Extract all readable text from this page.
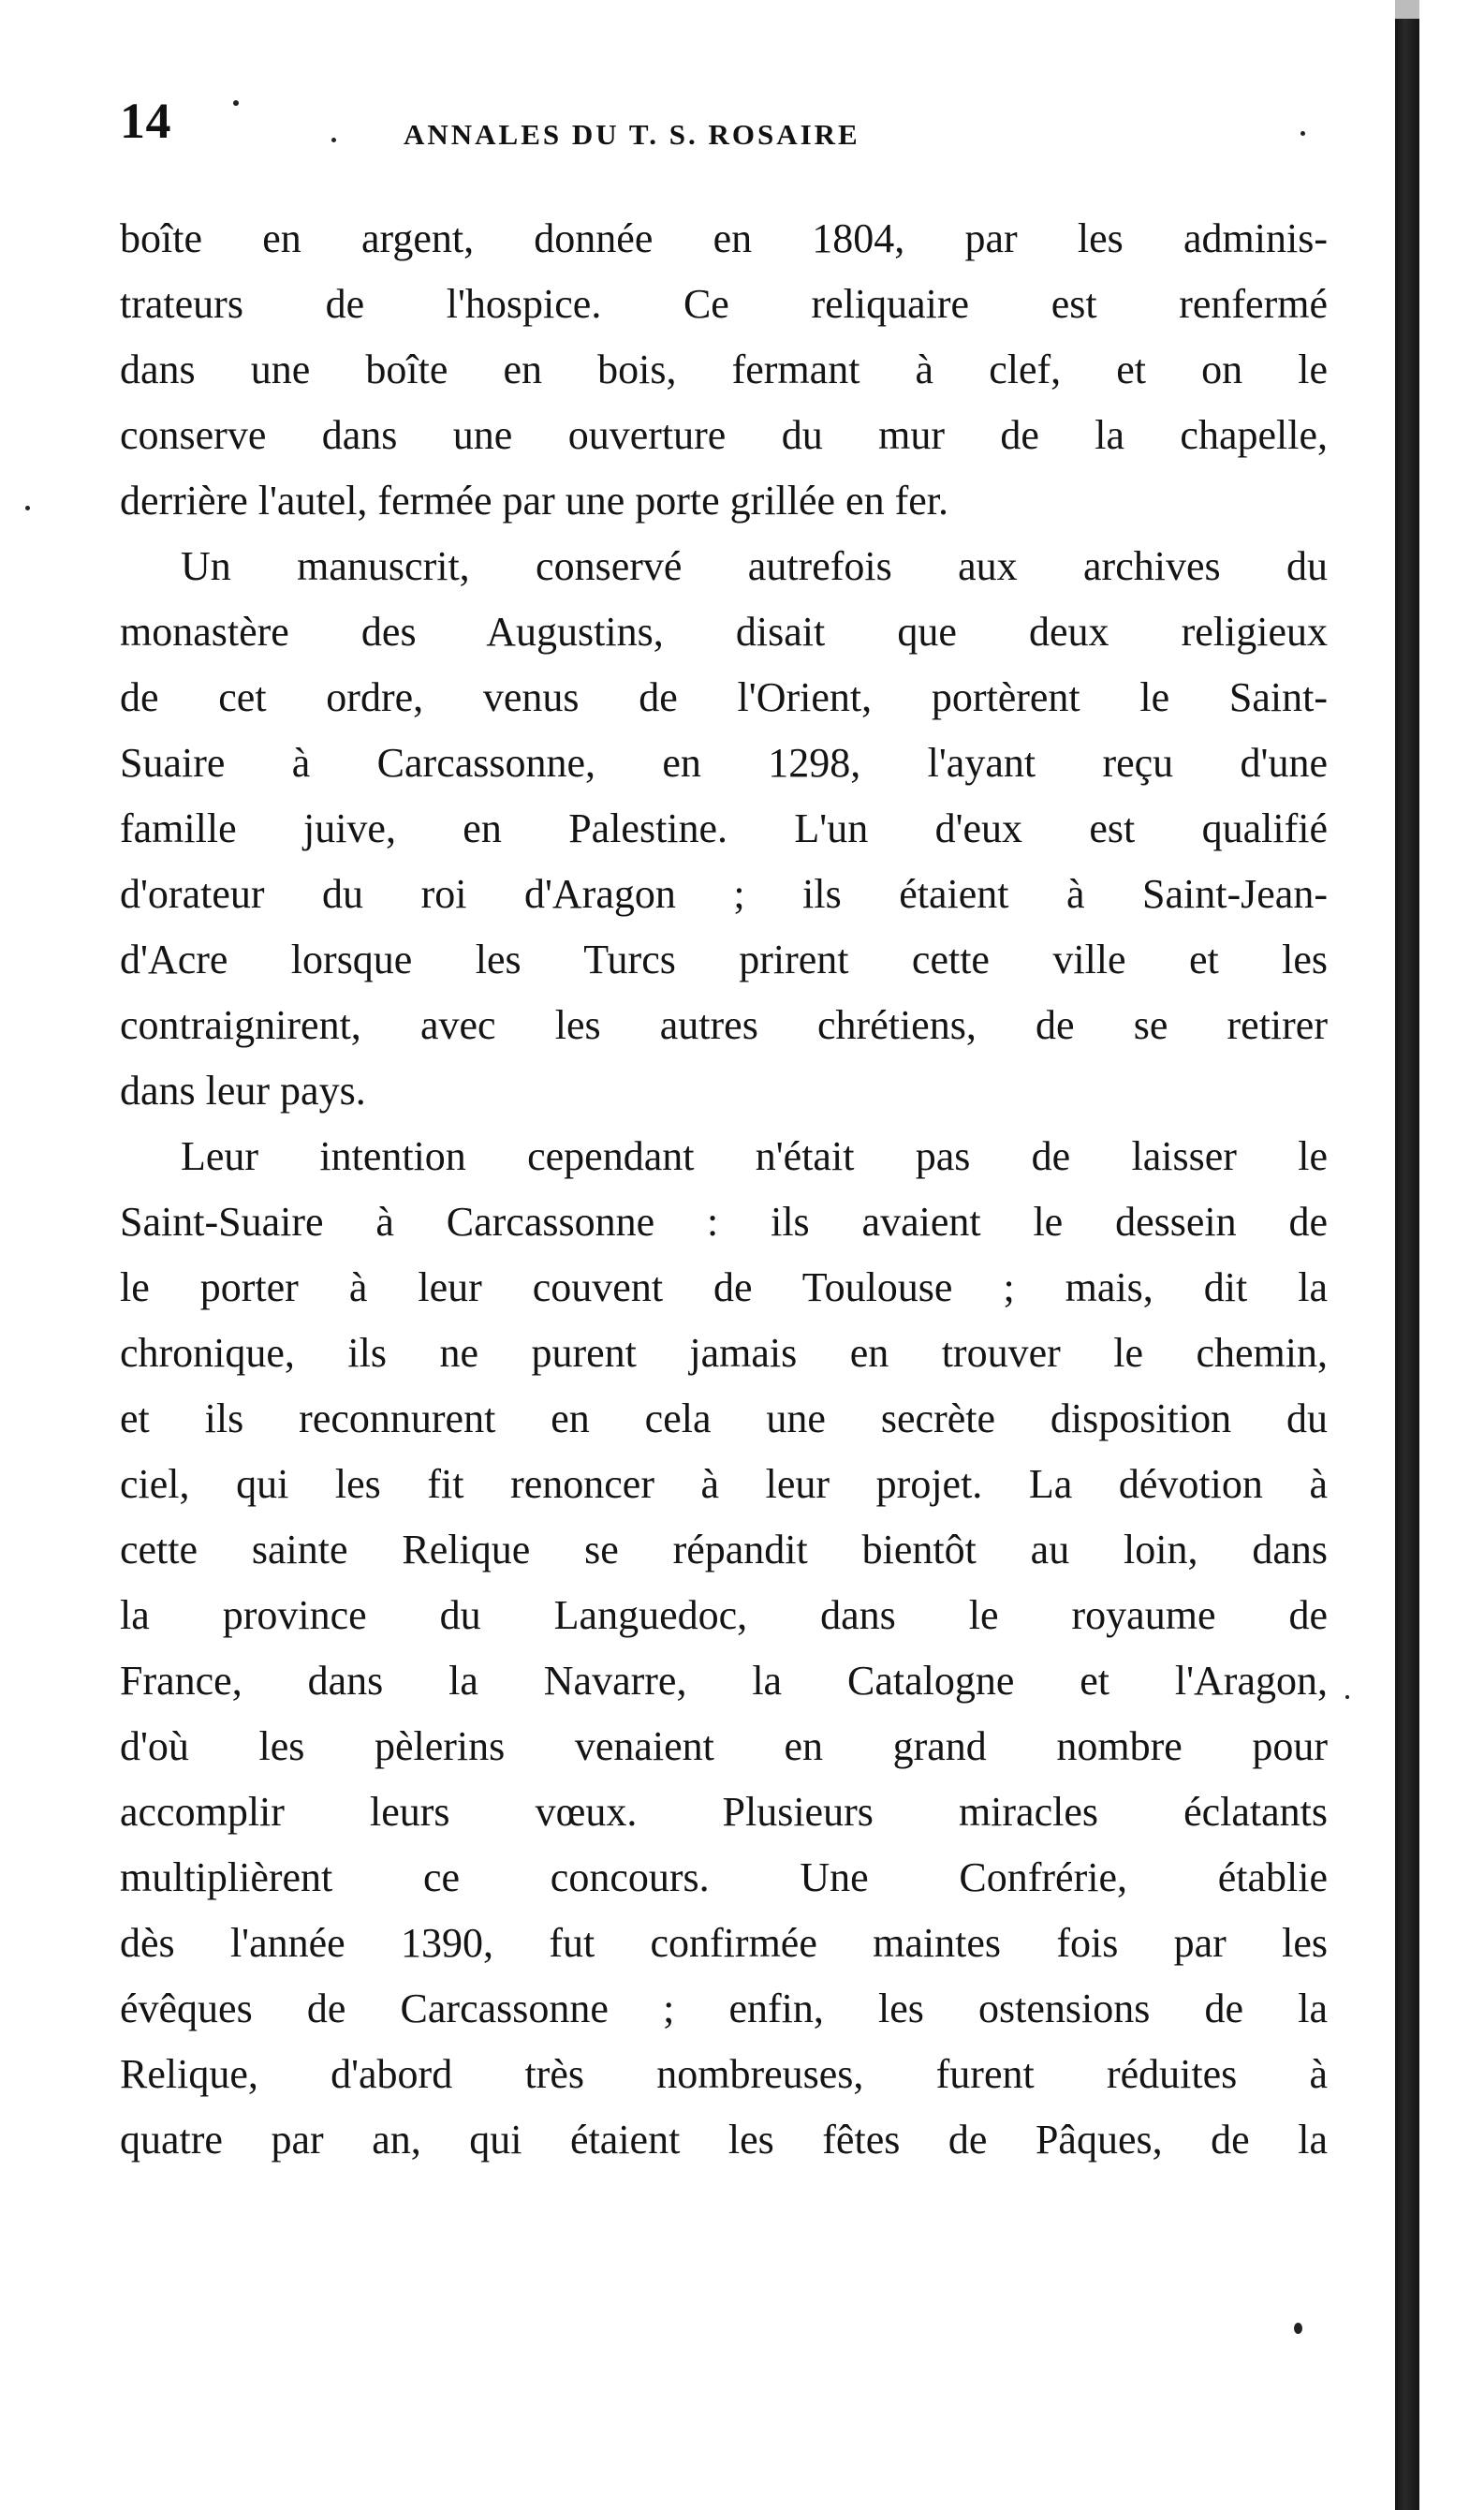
14	ANNALES DU T. S. ROSAIRE
boîte en argent, donnée en 1804, par les adminis-
trateurs de l'hospice. Ce reliquaire est renfermé
dans une boîte en bois, fermant à clef, et on le
conserve dans une ouverture du mur de la chapelle,
derrière l'autel, fermée par une porte grillée en fer.
Un manuscrit, conservé autrefois aux archives du
monastère des Augustins, disait que deux religieux
de cet ordre, venus de l'Orient, portèrent le Saint-
Suaire à Carcassonne, en 1298, l'ayant reçu d'une
famille juive, en Palestine. L'un d'eux est qualifié
d'orateur du roi d'Aragon ; ils étaient à Saint-Jean-
d'Acre lorsque les Turcs prirent cette ville et les
contraignirent, avec les autres chrétiens, de se retirer
dans leur pays.
Leur intention cependant n'était pas de laisser le
Saint-Suaire à Carcassonne : ils avaient le dessein de
le porter à leur couvent de Toulouse ; mais, dit la
chronique, ils ne purent jamais en trouver le chemin,
et ils reconnurent en cela une secrète disposition du
ciel, qui les fit renoncer à leur projet. La dévotion à
cette sainte Relique se répandit bientôt au loin, dans
la province du Languedoc, dans le royaume de
France, dans la Navarre, la Catalogne et l'Aragon,
d'où les pèlerins venaient en grand nombre pour
accomplir leurs vœux. Plusieurs miracles éclatants
multiplièrent ce concours. Une Confrérie, établie
dès l'année 1390, fut confirmée maintes fois par les
évêques de Carcassonne ; enfin, les ostensions de la
Relique, d'abord très nombreuses, furent réduites à
quatre par an, qui étaient les fêtes de Pâques, de la
